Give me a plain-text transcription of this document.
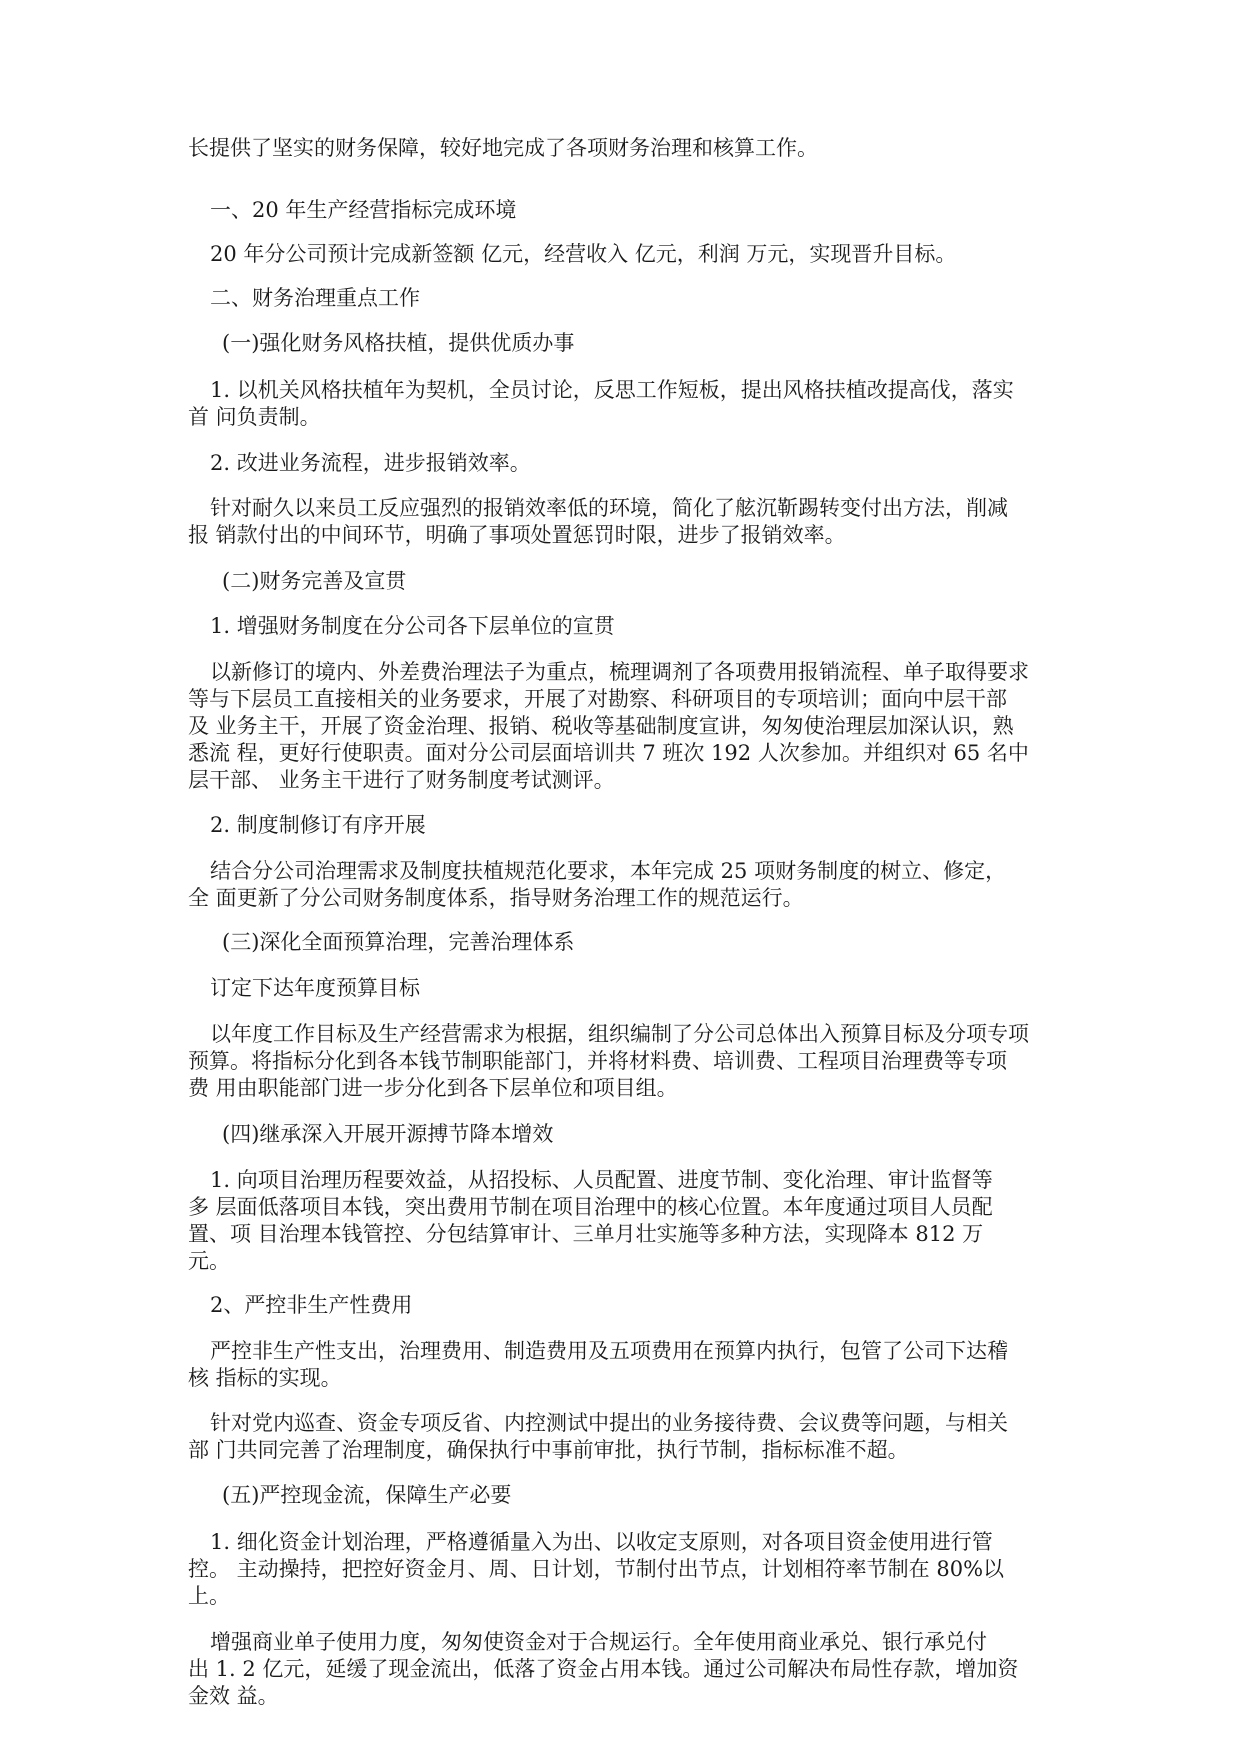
长提供了坚实的财务保障，较好地完成了各项财务治理和核算工作。
一、20 年生产经营指标完成环境
20 年分公司预计完成新签额 亿元，经营收入 亿元，利润 万元，实现晋升目标。
二、财务治理重点工作
(一)强化财务风格扶植，提供优质办事
1. 以机关风格扶植年为契机，全员讨论，反思工作短板，提出风格扶植改提高伐，落实
首 问负责制。
2. 改进业务流程，进步报销效率。
针对耐久以来员工反应强烈的报销效率低的环境，简化了舷沉靳踢转变付出方法，削减
报 销款付出的中间环节，明确了事项处置惩罚时限，进步了报销效率。
(二)财务完善及宣贯
1. 增强财务制度在分公司各下层单位的宣贯
以新修订的境内、外差费治理法子为重点，梳理调剂了各项费用报销流程、单子取得要求
等与下层员工直接相关的业务要求，开展了对勘察、科研项目的专项培训；面向中层干部
及 业务主干，开展了资金治理、报销、税收等基础制度宣讲，匆匆使治理层加深认识，熟
悉流 程，更好行使职责。面对分公司层面培训共 7 班次 192 人次参加。并组织对 65 名中
层干部、 业务主干进行了财务制度考试测评。
2. 制度制修订有序开展
结合分公司治理需求及制度扶植规范化要求，本年完成 25 项财务制度的树立、修定，
全 面更新了分公司财务制度体系，指导财务治理工作的规范运行。
(三)深化全面预算治理，完善治理体系
订定下达年度预算目标
以年度工作目标及生产经营需求为根据，组织编制了分公司总体出入预算目标及分项专项
预算。将指标分化到各本钱节制职能部门，并将材料费、培训费、工程项目治理费等专项
费 用由职能部门进一步分化到各下层单位和项目组。
(四)继承深入开展开源搏节降本增效
1. 向项目治理历程要效益，从招投标、人员配置、进度节制、变化治理、审计监督等
多 层面低落项目本钱，突出费用节制在项目治理中的核心位置。本年度通过项目人员配
置、项 目治理本钱管控、分包结算审计、三单月壮实施等多种方法，实现降本 812 万
元。
2、严控非生产性费用
严控非生产性支出，治理费用、制造费用及五项费用在预算内执行，包管了公司下达稽
核 指标的实现。
针对党内巡查、资金专项反省、内控测试中提出的业务接待费、会议费等问题，与相关
部 门共同完善了治理制度，确保执行中事前审批，执行节制，指标标准不超。
(五)严控现金流，保障生产必要
1. 细化资金计划治理，严格遵循量入为出、以收定支原则，对各项目资金使用进行管
控。 主动操持，把控好资金月、周、日计划，节制付出节点，计划相符率节制在 80%以
上。
增强商业单子使用力度，匆匆使资金对于合规运行。全年使用商业承兑、银行承兑付
出 1. 2 亿元，延缓了现金流出，低落了资金占用本钱。通过公司解决布局性存款，增加资
金效 益。
